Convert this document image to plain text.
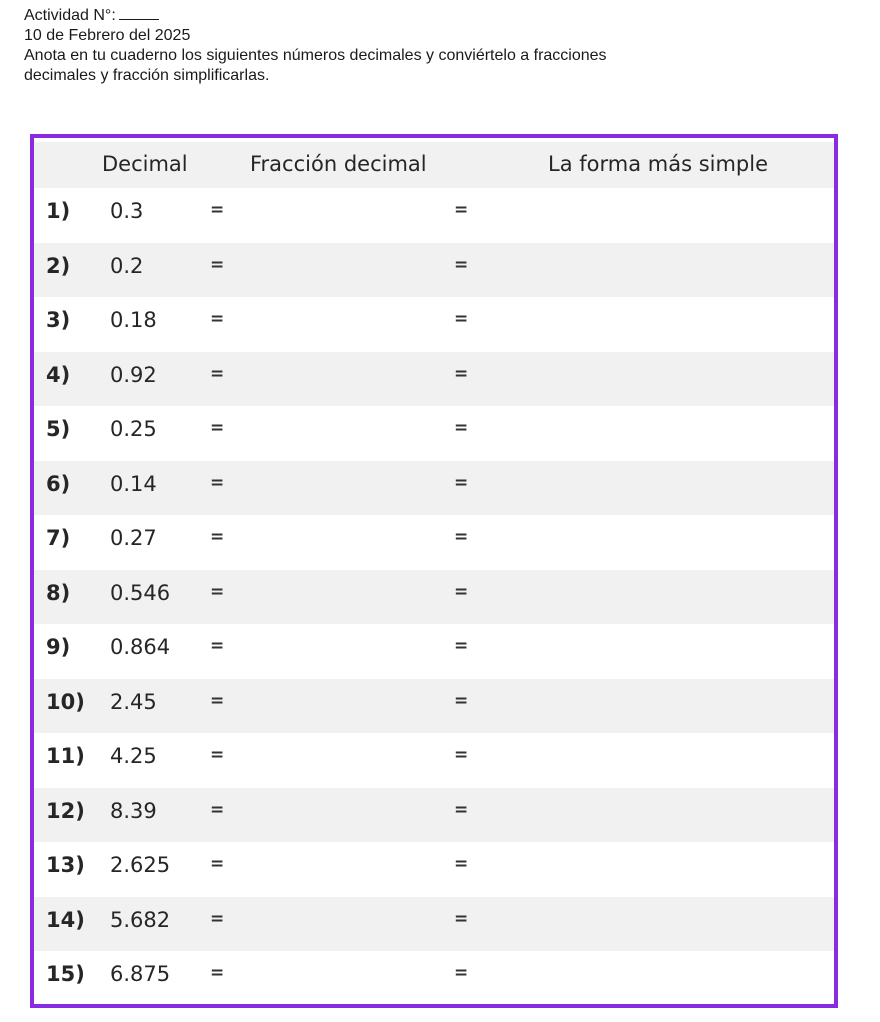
Actividad N°:
10 de Febrero del 2025
Anota en tu cuaderno los siguientes números decimales y conviértelo a fracciones
decimales y fracción simplificarlas.
Decimal	Fracción decimal	La forma más simple
1) 0.3	=	=
2) 0.2	=	=
3) 0.18	=	=
4) 0.92	=	=
5) 0.25	=	=
6) 0.14	=	=
7) 0.27	=	=
8) 0.546 =	=
9) 0.864 =	=
10) 2.45	=	=
11) 4.25	=	=
12) 8.39	=	=
13) 2.625 =	=
14) 5.682 =	=
15) 6.875 =	=
